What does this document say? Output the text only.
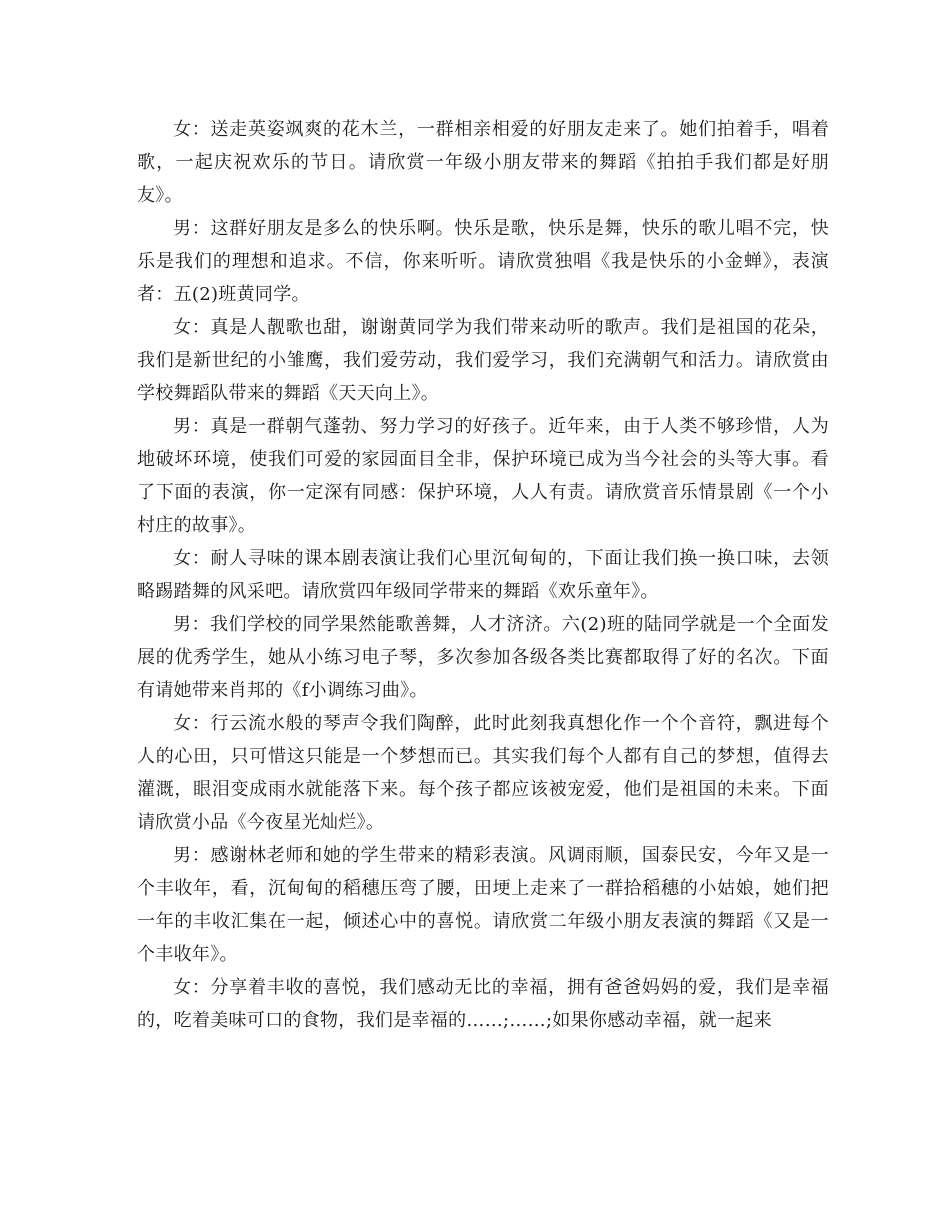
女：送走英姿飒爽的花木兰，一群相亲相爱的好朋友走来了。她们拍着手，唱着歌，一起庆祝欢乐的节日。请欣赏一年级小朋友带来的舞蹈《拍拍手我们都是好朋友》。

男：这群好朋友是多么的快乐啊。快乐是歌，快乐是舞，快乐的歌儿唱不完，快乐是我们的理想和追求。不信，你来听听。请欣赏独唱《我是快乐的小金蝉》，表演者：五(2)班黄同学。

女：真是人靓歌也甜，谢谢黄同学为我们带来动听的歌声。我们是祖国的花朵，我们是新世纪的小雏鹰，我们爱劳动，我们爱学习，我们充满朝气和活力。请欣赏由学校舞蹈队带来的舞蹈《天天向上》。

男：真是一群朝气蓬勃、努力学习的好孩子。近年来，由于人类不够珍惜，人为地破坏环境，使我们可爱的家园面目全非，保护环境已成为当今社会的头等大事。看了下面的表演，你一定深有同感：保护环境，人人有责。请欣赏音乐情景剧《一个小村庄的故事》。

女：耐人寻味的课本剧表演让我们心里沉甸甸的，下面让我们换一换口味，去领略踢踏舞的风采吧。请欣赏四年级同学带来的舞蹈《欢乐童年》。

男：我们学校的同学果然能歌善舞，人才济济。六(2)班的陆同学就是一个全面发展的优秀学生，她从小练习电子琴，多次参加各级各类比赛都取得了好的名次。下面有请她带来肖邦的《f小调练习曲》。

女：行云流水般的琴声令我们陶醉，此时此刻我真想化作一个个音符，飘进每个人的心田，只可惜这只能是一个梦想而已。其实我们每个人都有自己的梦想，值得去灌溉，眼泪变成雨水就能落下来。每个孩子都应该被宠爱，他们是祖国的未来。下面请欣赏小品《今夜星光灿烂》。

男：感谢林老师和她的学生带来的精彩表演。风调雨顺，国泰民安，今年又是一个丰收年，看，沉甸甸的稻穗压弯了腰，田埂上走来了一群拾稻穗的小姑娘，她们把一年的丰收汇集在一起，倾述心中的喜悦。请欣赏二年级小朋友表演的舞蹈《又是一个丰收年》。

女：分享着丰收的喜悦，我们感动无比的幸福，拥有爸爸妈妈的爱，我们是幸福的，吃着美味可口的食物，我们是幸福的……;……;如果你感动幸福，就一起来
